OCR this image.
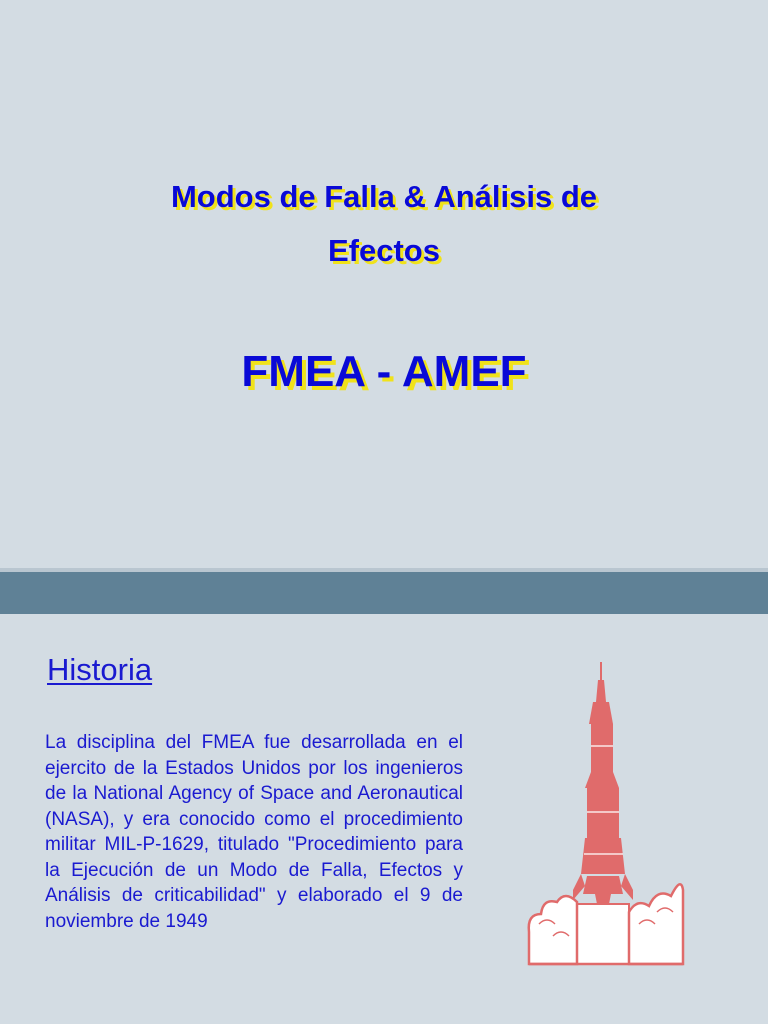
Modos de Falla & Análisis de
Efectos
FMEA - AMEF
Historia

La disciplina del FMEA fue desarrollada en el ejercito de la Estados Unidos por los ingenieros de la National Agency of Space and Aeronautical (NASA), y era conocido como el procedimiento militar MIL-P-1629, titulado "Procedimiento para la Ejecución de un Modo de Falla, Efectos y Análisis de criticabilidad" y elaborado el 9 de noviembre de 1949
